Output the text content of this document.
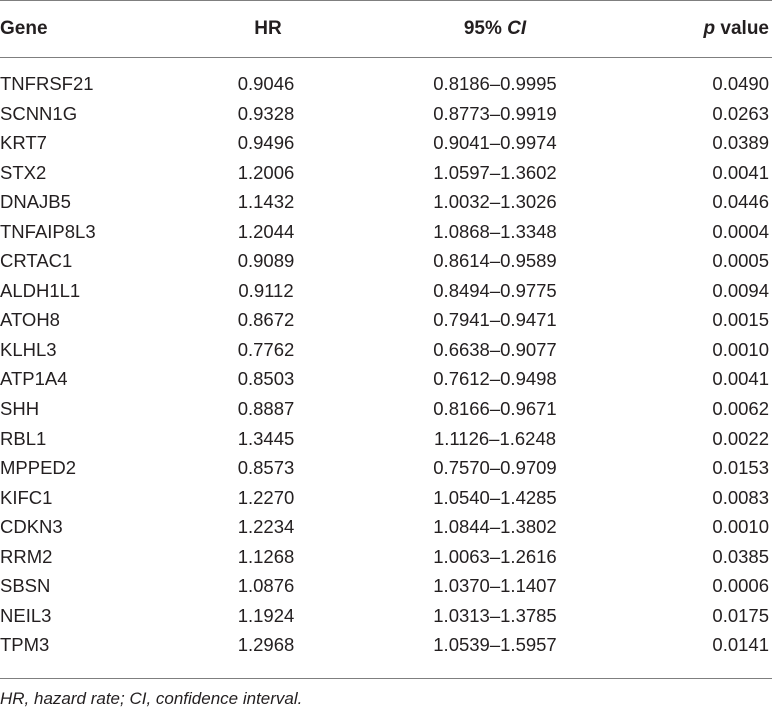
Gene	HR	95% CI	p value
TNFRSF21	0.9046	0.8186–0.9995	0.0490
SCNN1G	0.9328	0.8773–0.9919	0.0263
KRT7	0.9496	0.9041–0.9974	0.0389
STX2	1.2006	1.0597–1.3602	0.0041
DNAJB5	1.1432	1.0032–1.3026	0.0446
TNFAIP8L3	1.2044	1.0868–1.3348	0.0004
CRTAC1	0.9089	0.8614–0.9589	0.0005
ALDH1L1	0.9112	0.8494–0.9775	0.0094
ATOH8	0.8672	0.7941–0.9471	0.0015
KLHL3	0.7762	0.6638–0.9077	0.0010
ATP1A4	0.8503	0.7612–0.9498	0.0041
SHH	0.8887	0.8166–0.9671	0.0062
RBL1	1.3445	1.1126–1.6248	0.0022
MPPED2	0.8573	0.7570–0.9709	0.0153
KIFC1	1.2270	1.0540–1.4285	0.0083
CDKN3	1.2234	1.0844–1.3802	0.0010
RRM2	1.1268	1.0063–1.2616	0.0385
SBSN	1.0876	1.0370–1.1407	0.0006
NEIL3	1.1924	1.0313–1.3785	0.0175
TPM3	1.2968	1.0539–1.5957	0.0141
HR, hazard rate; CI, confidence interval.
